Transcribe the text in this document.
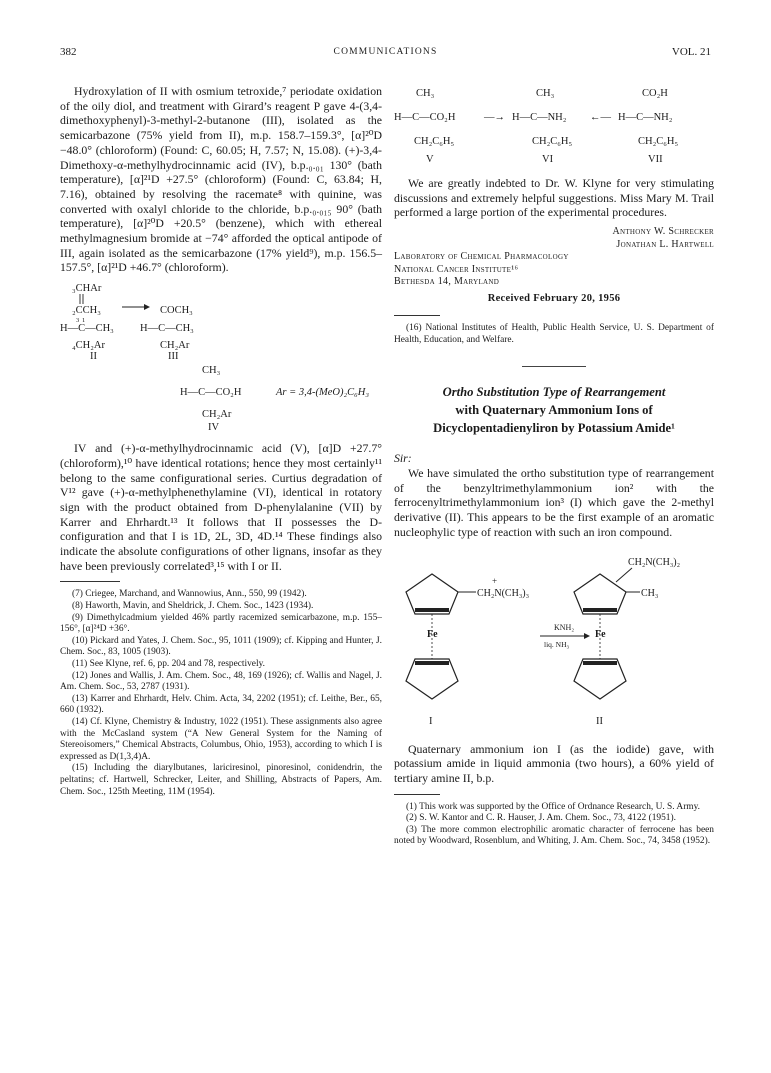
382	COMMUNICATIONS	VOL. 21

Hydroxylation of II with osmium tetroxide,⁷ periodate oxidation of the oily diol, and treatment with Girard’s reagent P gave 4-(3,4-dimethoxyphenyl)-3-methyl-2-butanone (III), isolated as the semicarbazone (75% yield from II), m.p. 158.7–159.3°, [α]²⁰D −48.0° (chloroform) (Found: C, 60.05; H, 7.57; N, 15.08). (+)-3,4-Dimethoxy-α-methylhydrocinnamic acid (IV), b.p.₀.₀₁ 130° (bath temperature), [α]²¹D +27.5° (chloroform) (Found: C, 63.84; H, 7.16), obtained by resolving the racemate⁸ with quinine, was converted with oxalyl chloride to the chloride, b.p.₀.₀₁₅ 90° (bath temperature), [α]²⁰D +20.5° (benzene), which with ethereal methylmagnesium bromide at −74° afforded the optical antipode of III, again isolated as the semicarbazone (17% yield⁹), m.p. 156.5–157.5°, [α]²¹D +46.7° (chloroform).

₃CHAr
₂CCH₃	COCH₃
3 1
H—C—CH₃ H—C—CH₃
₄CH₂Ar	CH₂Ar
II	III
CH₃
H—C—CO₂H	Ar = 3,4-(MeO)₂C₆H₃
CH₂Ar
IV

IV and (+)-α-methylhydrocinnamic acid (V), [α]D +27.7° (chloroform),¹⁰ have identical rotations; hence they most certainly¹¹ belong to the same configurational series. Curtius degradation of V¹² gave (+)-α-methylphenethylamine (VI), identical in rotatory sign with the product obtained from D-phenylalanine (VII) by Karrer and Ehrhardt.¹³ It follows that II possesses the D-configuration and that I is 1D, 2L, 3D, 4D.¹⁴ These findings also indicate the absolute configurations of other lignans, insofar as they have been previously correlated³,¹⁵ with I or II.

(7) Criegee, Marchand, and Wannowius, Ann., 550, 99 (1942).

(8) Haworth, Mavin, and Sheldrick, J. Chem. Soc., 1423 (1934).

(9) Dimethylcadmium yielded 46% partly racemized semicarbazone, m.p. 155–156°, [α]²⁴D +36°.

(10) Pickard and Yates, J. Chem. Soc., 95, 1011 (1909); cf. Kipping and Hunter, J. Chem. Soc., 83, 1005 (1903).

(11) See Klyne, ref. 6, pp. 204 and 78, respectively.

(12) Jones and Wallis, J. Am. Chem. Soc., 48, 169 (1926); cf. Wallis and Nagel, J. Am. Chem. Soc., 53, 2787 (1931).

(13) Karrer and Ehrhardt, Helv. Chim. Acta, 34, 2202 (1951); cf. Leithe, Ber., 65, 660 (1932).

(14) Cf. Klyne, Chemistry & Industry, 1022 (1951). These assignments also agree with the McCasland system (“A New General System for the Naming of Stereoisomers,” Chemical Abstracts, Columbus, Ohio, 1953), according to which I is expressed as D(1,3,4)A.

(15) Including the diarylbutanes, lariciresinol, pinoresinol, conidendrin, the peltatins; cf. Hartwell, Schrecker, Leiter, and Shilling, Abstracts of Papers, Am. Chem. Soc., 125th Meeting, 11M (1954).

CH₃	CH₃	CO₂H
H—C—CO₂H	—→ H—C—NH₂ ←— H—C—NH₂
CH₂C₆H₅	CH₂C₆H₅	CH₂C₆H₅
V	VI	VII

We are greatly indebted to Dr. W. Klyne for very stimulating discussions and extremely helpful suggestions. Miss Mary M. Trail performed a large portion of the experimental procedures.

Anthony W. Schrecker
Jonathan L. Hartwell
Laboratory of Chemical Pharmacology
National Cancer Institute¹⁶
Bethesda 14, Maryland

Received February 20, 1956

(16) National Institutes of Health, Public Health Service, U. S. Department of Health, Education, and Welfare.

Ortho Substitution Type of Rearrangement

with Quaternary Ammonium Ions of

Dicyclopentadienyliron by Potassium Amide¹

Sir:

We have simulated the ortho substitution type of rearrangement of the benzyltrimethylammonium ion² with the ferrocenyltrimethylammonium ion³ (I) which gave the 2-methyl derivative (II). This appears to be the first example of an aromatic nucleophylic type of reaction with such an iron compound.

Fe
+
CH₂N(CH₃)₃
I
KNH₂
liq. NH₃
Fe
CH₂N(CH₃)₂
CH₃
II

Quaternary ammonium ion I (as the iodide) gave, with potassium amide in liquid ammonia (two hours), a 60% yield of tertiary amine II, b.p.

(1) This work was supported by the Office of Ordnance Research, U. S. Army.

(2) S. W. Kantor and C. R. Hauser, J. Am. Chem. Soc., 73, 4122 (1951).

(3) The more common electrophilic aromatic character of ferrocene has been noted by Woodward, Rosenblum, and Whiting, J. Am. Chem. Soc., 74, 3458 (1952).
